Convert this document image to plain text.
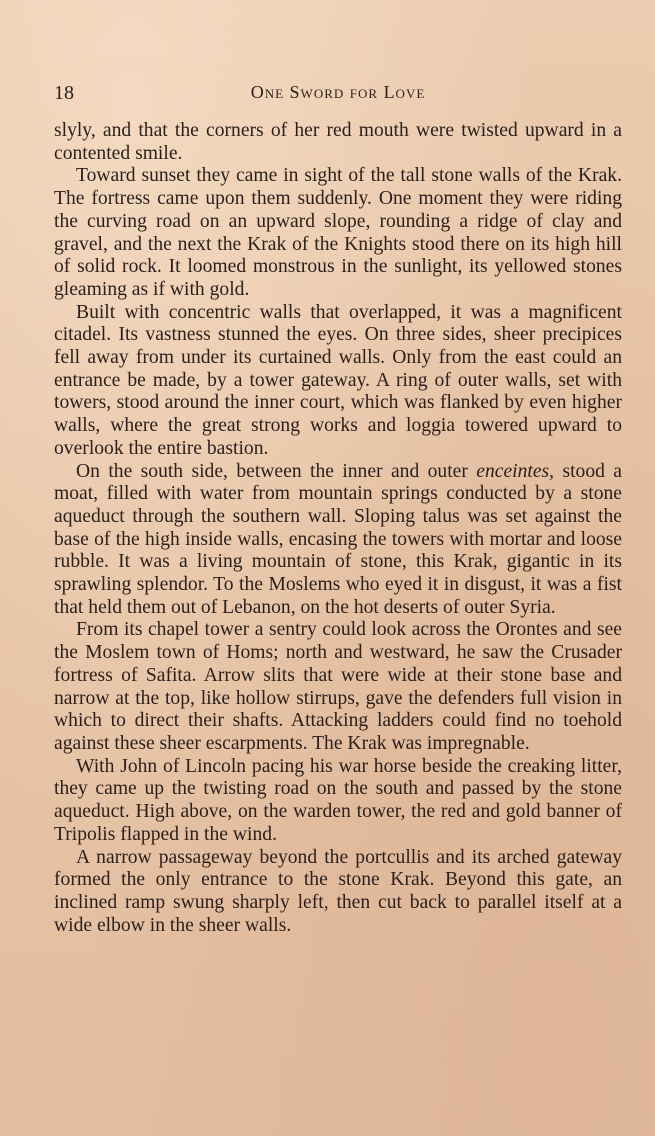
18	One Sword for Love

slyly, and that the corners of her red mouth were twisted upward in a contented smile.

Toward sunset they came in sight of the tall stone walls of the Krak. The fortress came upon them suddenly. One moment they were riding the curving road on an upward slope, rounding a ridge of clay and gravel, and the next the Krak of the Knights stood there on its high hill of solid rock. It loomed monstrous in the sunlight, its yellowed stones gleaming as if with gold.

Built with concentric walls that overlapped, it was a magnificent citadel. Its vastness stunned the eyes. On three sides, sheer precipices fell away from under its curtained walls. Only from the east could an entrance be made, by a tower gateway. A ring of outer walls, set with towers, stood around the inner court, which was flanked by even higher walls, where the great strong works and loggia towered upward to overlook the entire bastion.

On the south side, between the inner and outer enceintes, stood a moat, filled with water from mountain springs conducted by a stone aqueduct through the southern wall. Sloping talus was set against the base of the high inside walls, encasing the towers with mortar and loose rubble. It was a living mountain of stone, this Krak, gigantic in its sprawling splendor. To the Moslems who eyed it in disgust, it was a fist that held them out of Lebanon, on the hot deserts of outer Syria.

From its chapel tower a sentry could look across the Orontes and see the Moslem town of Homs; north and westward, he saw the Crusader fortress of Safita. Arrow slits that were wide at their stone base and narrow at the top, like hollow stirrups, gave the defenders full vision in which to direct their shafts. Attacking ladders could find no toehold against these sheer escarpments. The Krak was impregnable.

With John of Lincoln pacing his war horse beside the creaking litter, they came up the twisting road on the south and passed by the stone aqueduct. High above, on the warden tower, the red and gold banner of Tripolis flapped in the wind.

A narrow passageway beyond the portcullis and its arched gateway formed the only entrance to the stone Krak. Beyond this gate, an inclined ramp swung sharply left, then cut back to parallel itself at a wide elbow in the sheer walls.
